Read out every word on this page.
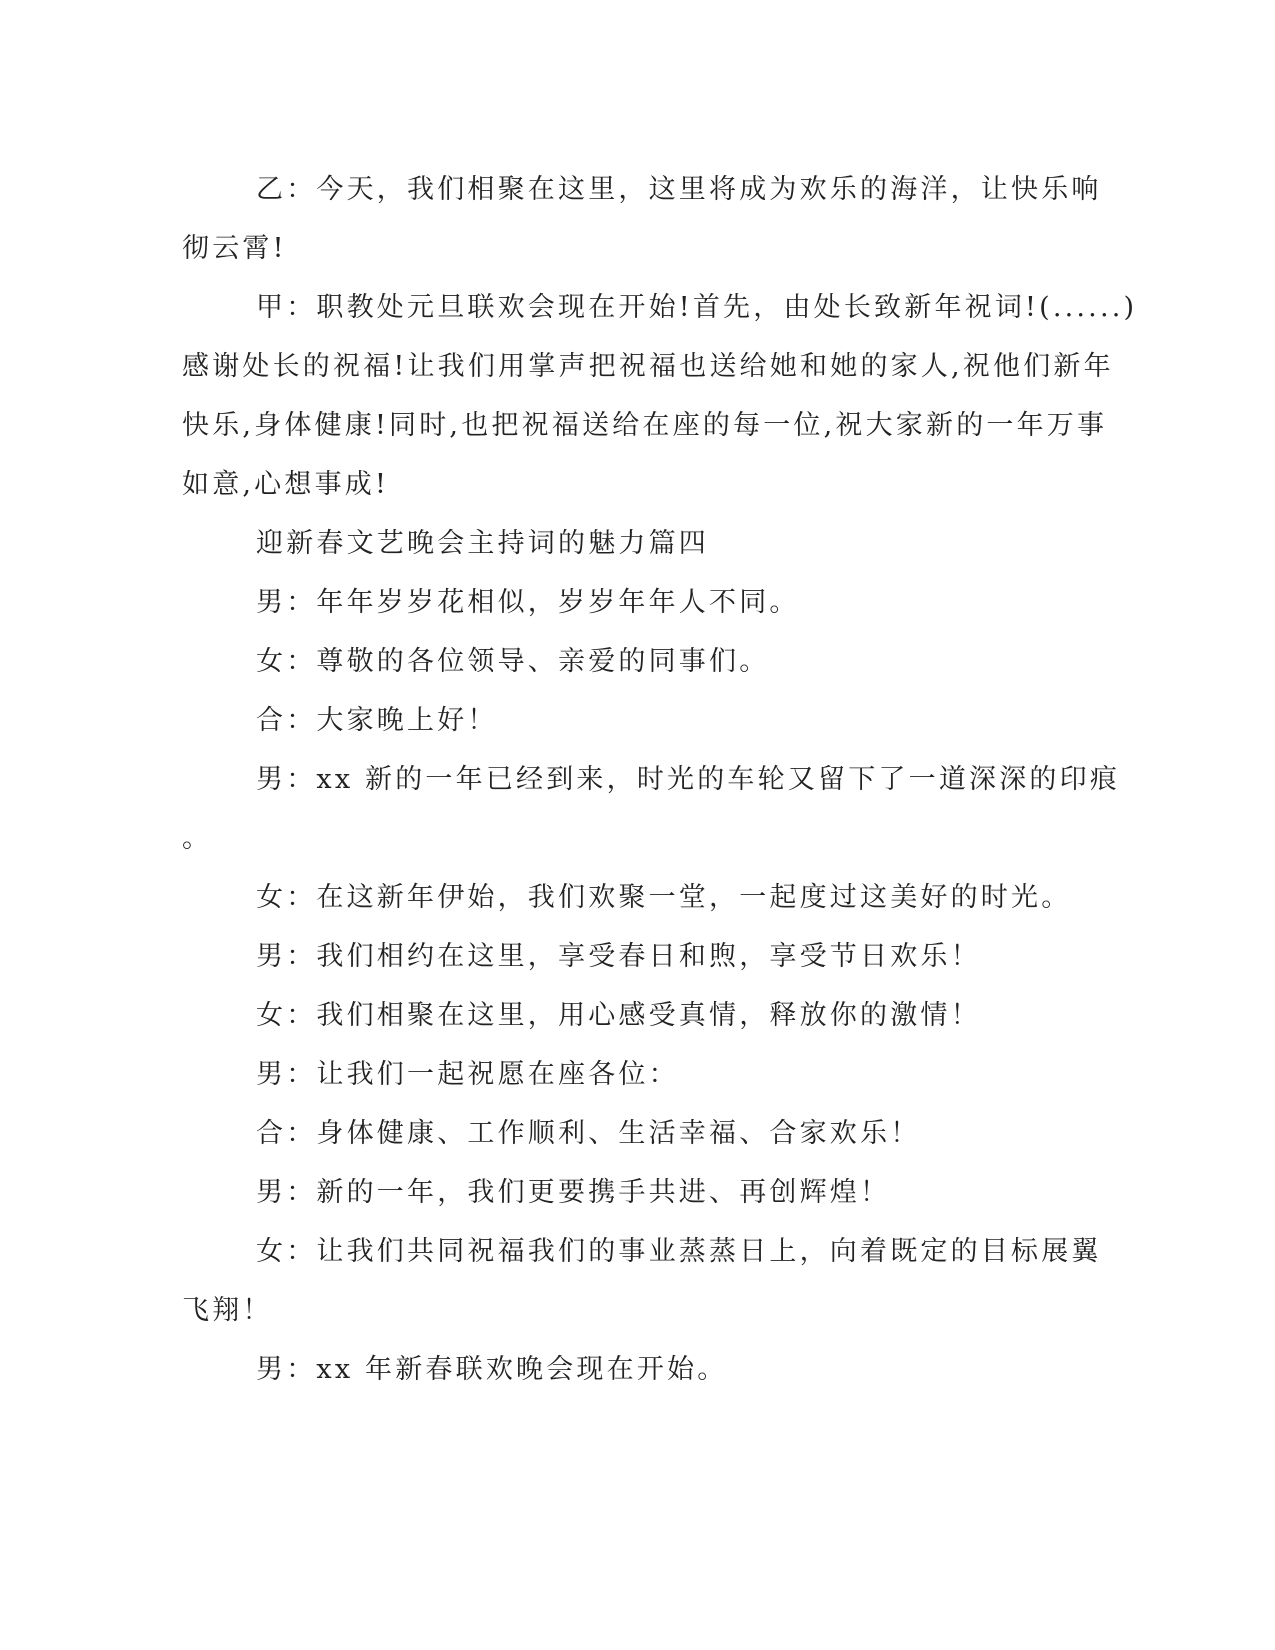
乙：今天，我们相聚在这里，这里将成为欢乐的海洋，让快乐响
彻云霄!
甲：职教处元旦联欢会现在开始!首先，由处长致新年祝词!(......)
感谢处长的祝福!让我们用掌声把祝福也送给她和她的家人,祝他们新年
快乐,身体健康!同时,也把祝福送给在座的每一位,祝大家新的一年万事
如意,心想事成!
迎新春文艺晚会主持词的魅力篇四
男：年年岁岁花相似，岁岁年年人不同。
女：尊敬的各位领导、亲爱的同事们。
合：大家晚上好！
男：xx 新的一年已经到来，时光的车轮又留下了一道深深的印痕
。
女：在这新年伊始，我们欢聚一堂，一起度过这美好的时光。
男：我们相约在这里，享受春日和煦，享受节日欢乐！
女：我们相聚在这里，用心感受真情，释放你的激情！
男：让我们一起祝愿在座各位：
合：身体健康、工作顺利、生活幸福、合家欢乐！
男：新的一年，我们更要携手共进、再创辉煌！
女：让我们共同祝福我们的事业蒸蒸日上，向着既定的目标展翼
飞翔！
男：xx 年新春联欢晚会现在开始。
